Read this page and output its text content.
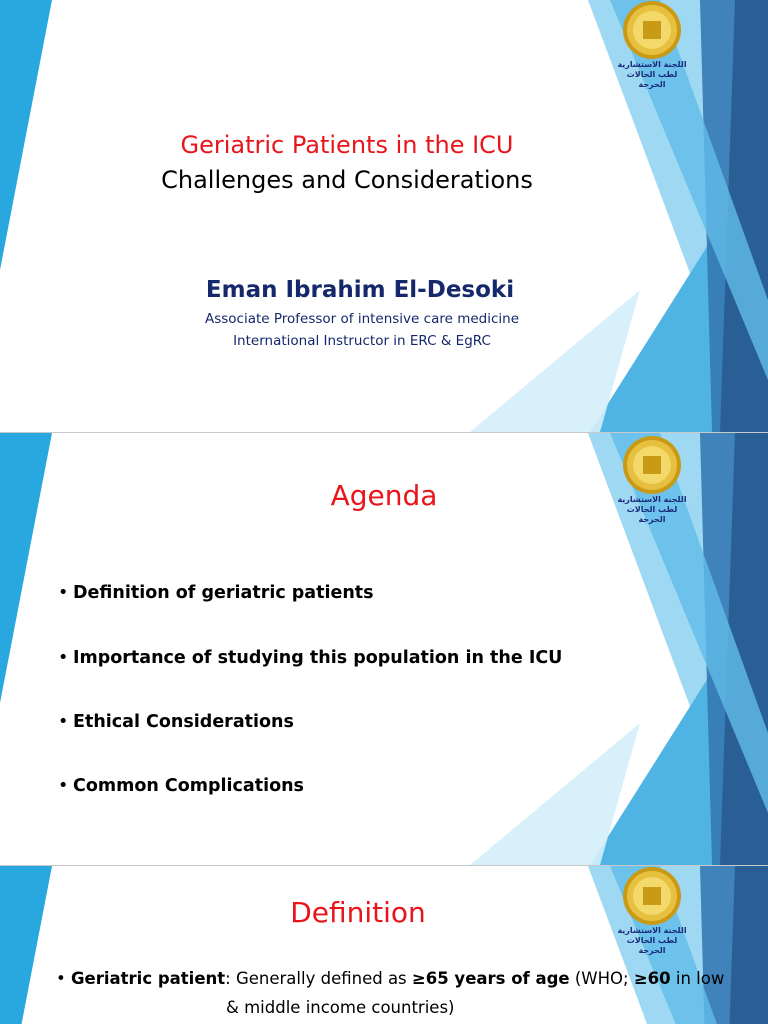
اللجنة الاستشارية
لطب الحالات الحرجة
Geriatric Patients in the ICU
Challenges and Considerations
Eman Ibrahim El-Desoki
Associate Professor of intensive care medicine
International Instructor in ERC & EgRC
اللجنة الاستشارية
لطب الحالات الحرجة
Agenda
• Definition of geriatric patients
• Importance of studying this population in the ICU
• Ethical Considerations
• Common Complications
اللجنة الاستشارية
لطب الحالات الحرجة
Definition
• Geriatric patient: Generally defined as ≥65 years of age (WHO; ≥60 in low
& middle income countries)
